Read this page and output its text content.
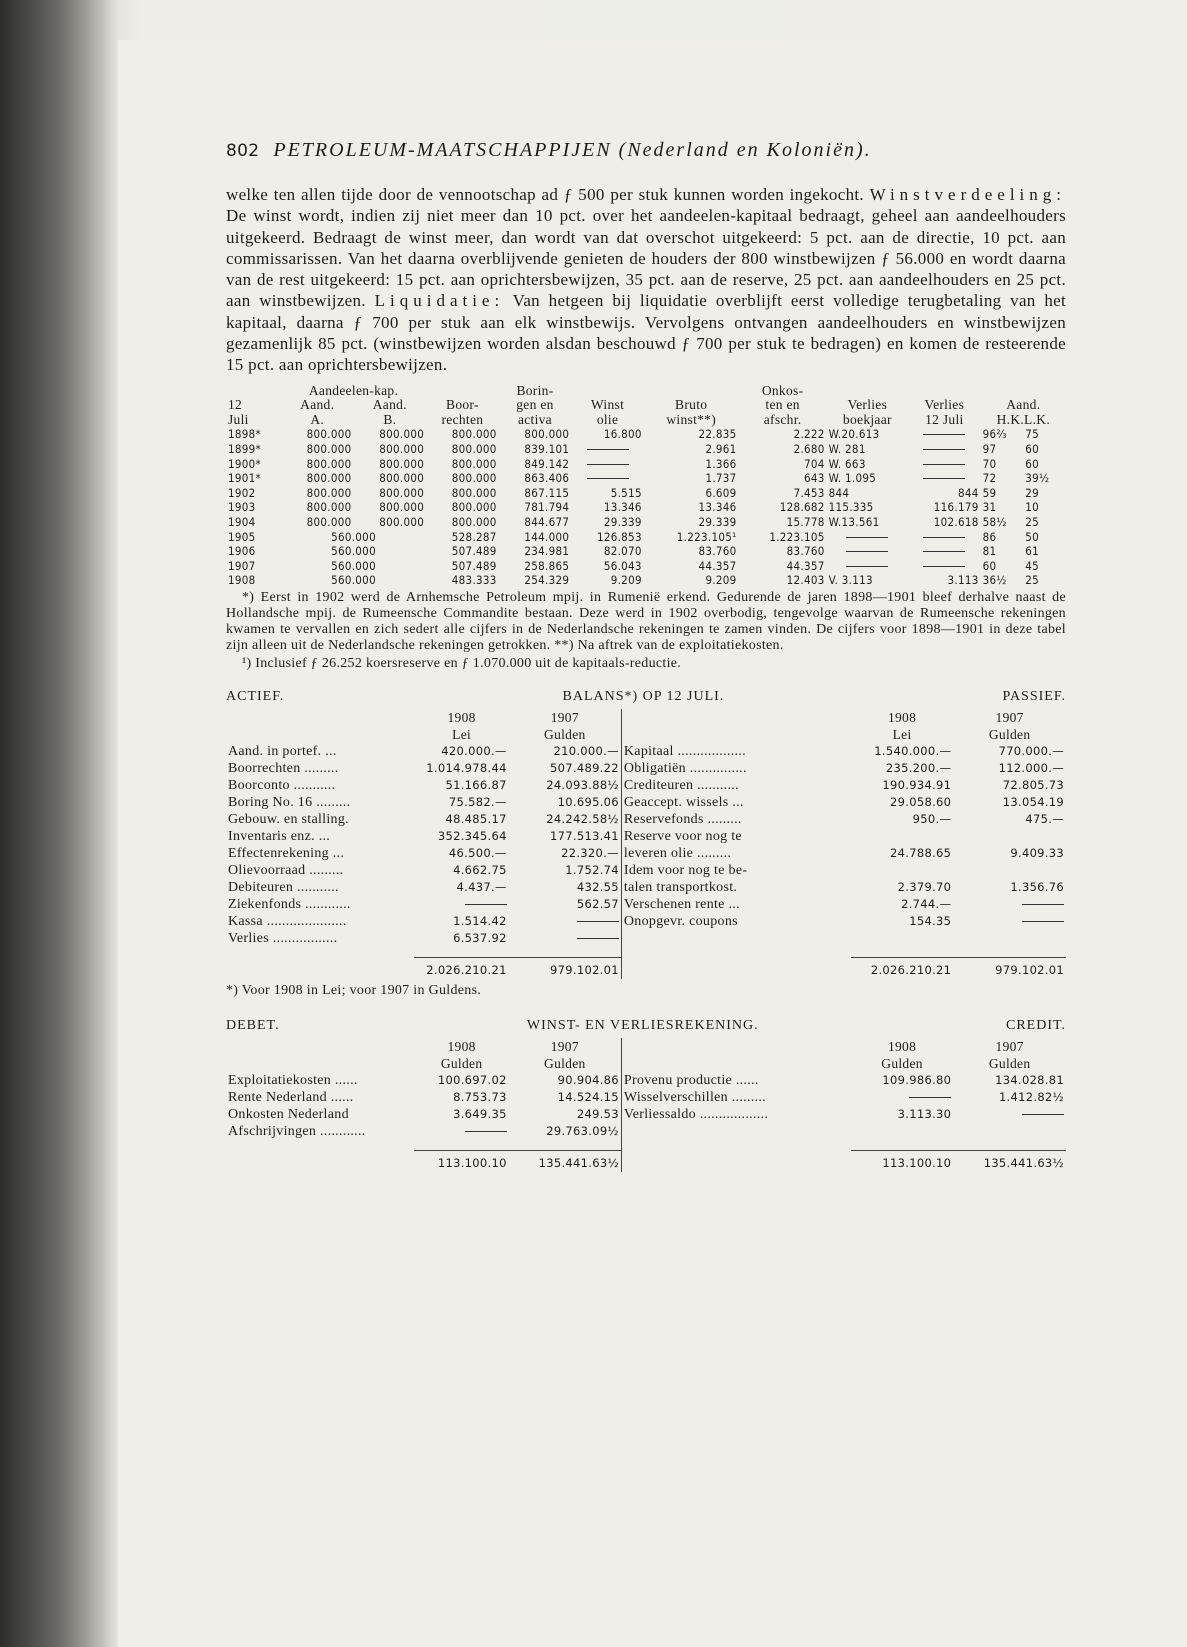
802 PETROLEUM-MAATSCHAPPIJEN (Nederland en Koloniën).

welke ten allen tijde door de vennootschap ad ƒ 500 per stuk kunnen worden ingekocht. Winstverdeeling: De winst wordt, indien zij niet meer dan 10 pct. over het aandeelen-kapitaal bedraagt, geheel aan aandeelhouders uitgekeerd. Bedraagt de winst meer, dan wordt van dat overschot uitgekeerd: 5 pct. aan de directie, 10 pct. aan commissarissen. Van het daarna overblijvende genieten de houders der 800 winstbewijzen ƒ 56.000 en wordt daarna van de rest uitgekeerd: 15 pct. aan oprichtersbewijzen, 35 pct. aan de reserve, 25 pct. aan aandeelhouders en 25 pct. aan winstbewijzen. Liquidatie: Van hetgeen bij liquidatie overblijft eerst volledige terugbetaling van het kapitaal, daarna ƒ 700 per stuk aan elk winstbewijs. Vervolgens ontvangen aandeelhouders en winstbewijzen gezamenlijk 85 pct. (winstbewijzen worden alsdan beschouwd ƒ 700 per stuk te bedragen) en komen de resteerende 15 pct. aan oprichtersbewijzen.

	Aandeelen-kap.			Borin-			Onkos-				
12	Aand.	Aand.	Boor-	gen en	Winst	Bruto	ten en	Verlies	Verlies	Aand.	
Juli	A.	B.	rechten	activa	olie	winst**)	afschr.	boekjaar	12 Juli	H.K.L.K.	
1898*	800.000	800.000	800.000	800.000	16.800	22.835	2.222	W.20.613		96⅔	75
1899*	800.000	800.000	800.000	839.101		2.961	2.680	W. 281		97	60
1900*	800.000	800.000	800.000	849.142		1.366	704	W. 663		70	60
1901*	800.000	800.000	800.000	863.406		1.737	643	W. 1.095		72	39½
1902	800.000	800.000	800.000	867.115	5.515	6.609	7.453	844	844	59	29
1903	800.000	800.000	800.000	781.794	13.346	13.346	128.682	115.335	116.179	31	10
1904	800.000	800.000	800.000	844.677	29.339	29.339	15.778	W.13.561	102.618	58½	25
1905	560.000		528.287	144.000	126.853	1.223.105¹	1.223.105			86	50
1906	560.000		507.489	234.981	82.070	83.760	83.760			81	61
1907	560.000		507.489	258.865	56.043	44.357	44.357			60	45
1908	560.000		483.333	254.329	9.209	9.209	12.403	V. 3.113	3.113	36½	25

*) Eerst in 1902 werd de Arnhemsche Petroleum mpij. in Rumenië erkend. Gedurende de jaren 1898—1901 bleef derhalve naast de Hollandsche mpij. de Rumeensche Commandite bestaan. Deze werd in 1902 overbodig, tengevolge waarvan de Rumeensche rekeningen kwamen te vervallen en zich sedert alle cijfers in de Nederlandsche rekeningen te zamen vinden. De cijfers voor 1898—1901 in deze tabel zijn alleen uit de Nederlandsche rekeningen getrokken. **) Na aftrek van de exploitatiekosten.

¹) Inclusief ƒ 26.252 koersreserve en ƒ 1.070.000 uit de kapitaals-reductie.

ACTIEF.	BALANS*) OP 12 JULI.	PASSIEF.
	1908	1907		1908	1907
	Lei	Gulden		Lei	Gulden
Aand. in portef. ...	420.000.—	210.000.—	Kapitaal ..................	1.540.000.—	770.000.—
Boorrechten .........	1.014.978.44	507.489.22	Obligatiën ...............	235.200.—	112.000.—
Boorconto ...........	51.166.87	24.093.88½	Crediteuren ...........	190.934.91	72.805.73
Boring No. 16 .........	75.582.—	10.695.06	Geaccept. wissels ...	29.058.60	13.054.19
Gebouw. en stalling.	48.485.17	24.242.58½	Reservefonds .........	950.—	475.—
Inventaris enz. ...	352.345.64	177.513.41	Reserve voor nog te		
Effectenrekening ...	46.500.—	22.320.—	leveren olie .........	24.788.65	9.409.33
Olievoorraad .........	4.662.75	1.752.74	Idem voor nog te be-		
Debiteuren ...........	4.437.—	432.55	talen transportkost.	2.379.70	1.356.76
Ziekenfonds ............		562.57	Verschenen rente ...	2.744.—	
Kassa .....................	1.514.42		Onopgevr. coupons	154.35	
Verlies .................	6.537.92				

	2.026.210.21	979.102.01		2.026.210.21	979.102.01
*) Voor 1908 in Lei; voor 1907 in Guldens.
DEBET.	WINST- EN VERLIESREKENING.	CREDIT.
	1908	1907		1908	1907
	Gulden	Gulden		Gulden	Gulden
Exploitatiekosten ......	100.697.02	90.904.86	Provenu productie ......	109.986.80	134.028.81
Rente Nederland ......	8.753.73	14.524.15	Wisselverschillen .........		1.412.82½
Onkosten Nederland	3.649.35	249.53	Verliessaldo ..................	3.113.30	
Afschrijvingen ............		29.763.09½			

	113.100.10	135.441.63½		113.100.10	135.441.63½
